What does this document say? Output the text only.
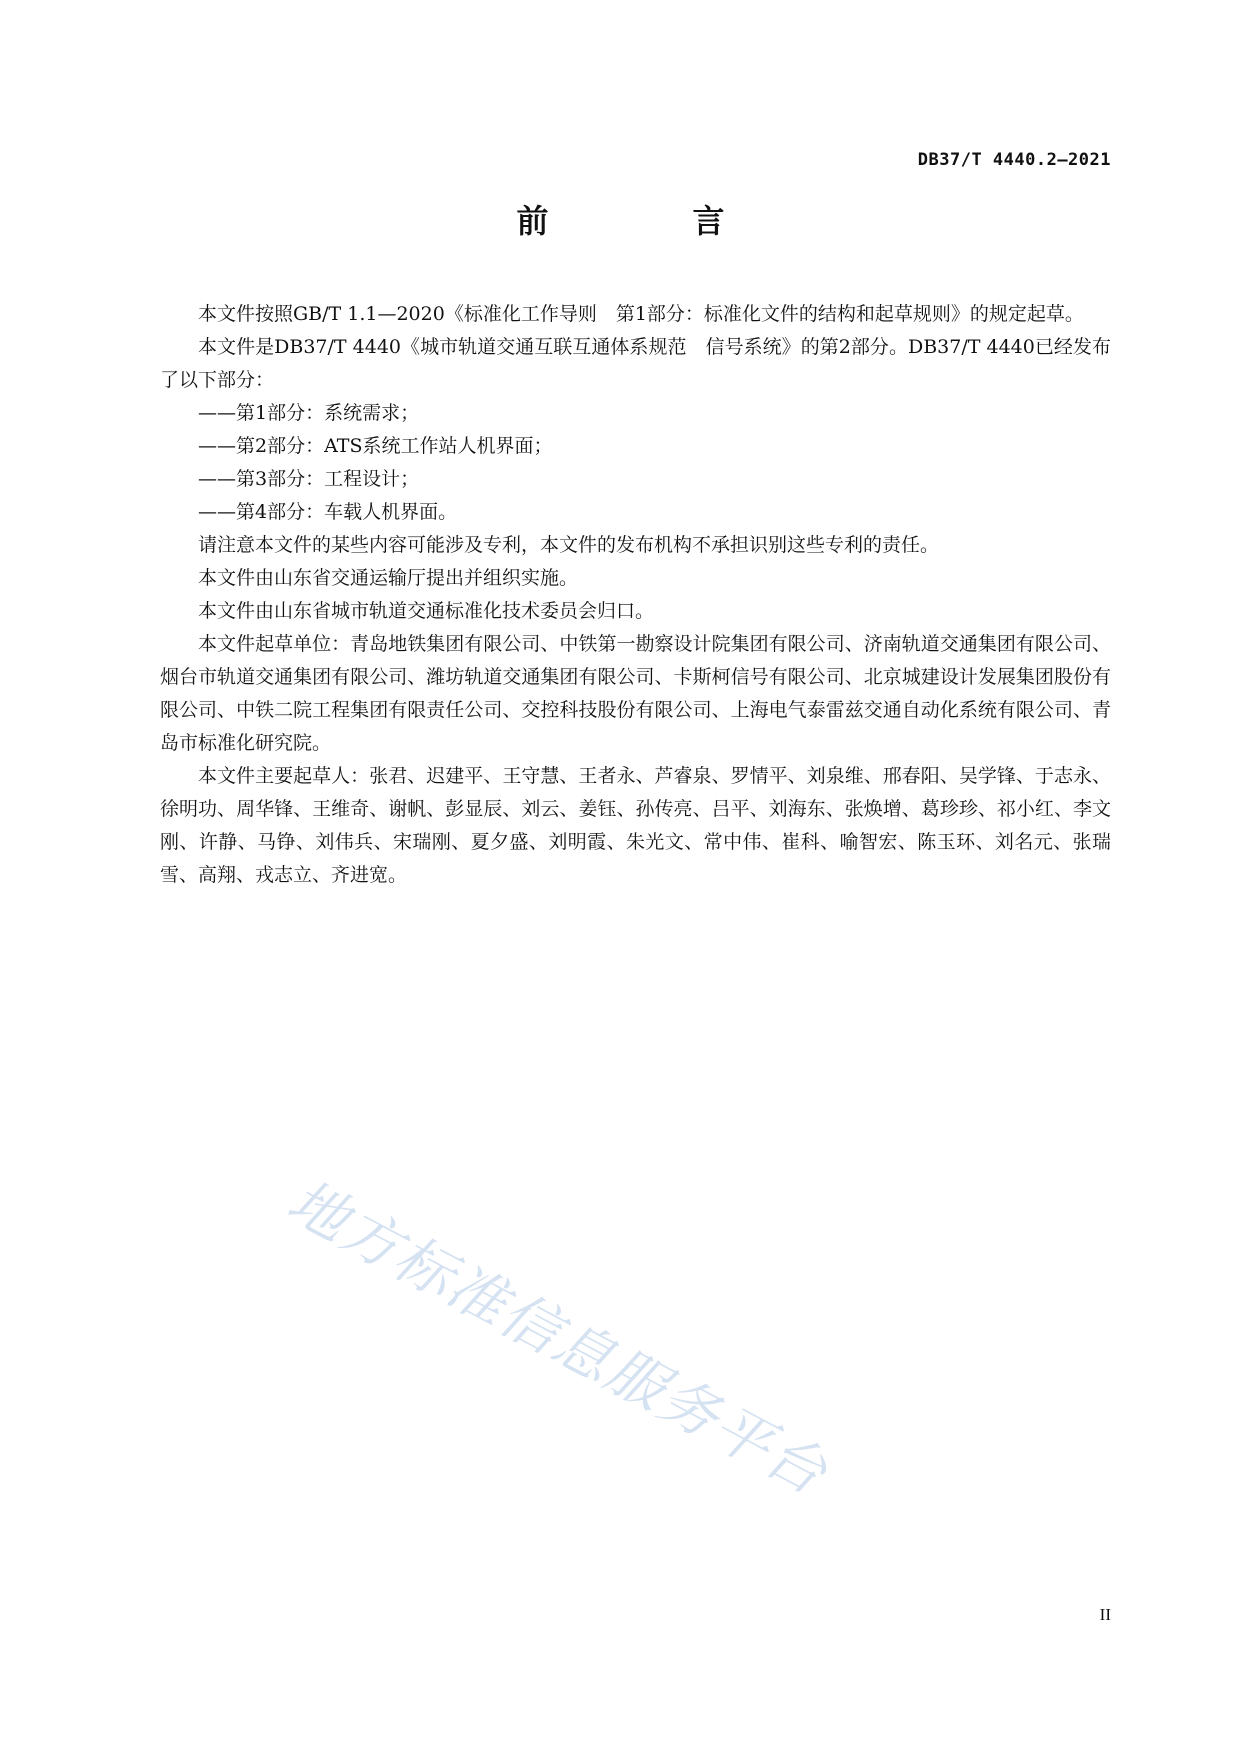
DB37/T 4440.2—2021
前　言

本文件按照GB/T 1.1—2020《标准化工作导则　第1部分：标准化文件的结构和起草规则》的规定起草。

本文件是DB37/T 4440《城市轨道交通互联互通体系规范　信号系统》的第2部分。DB37/T 4440已经发布了以下部分：

——第1部分：系统需求；

——第2部分：ATS系统工作站人机界面；

——第3部分：工程设计；

——第4部分：车载人机界面。

请注意本文件的某些内容可能涉及专利，本文件的发布机构不承担识别这些专利的责任。

本文件由山东省交通运输厅提出并组织实施。

本文件由山东省城市轨道交通标准化技术委员会归口。

本文件起草单位：青岛地铁集团有限公司、中铁第一勘察设计院集团有限公司、济南轨道交通集团有限公司、烟台市轨道交通集团有限公司、潍坊轨道交通集团有限公司、卡斯柯信号有限公司、北京城建设计发展集团股份有限公司、中铁二院工程集团有限责任公司、交控科技股份有限公司、上海电气泰雷兹交通自动化系统有限公司、青岛市标准化研究院。

本文件主要起草人：张君、迟建平、王守慧、王者永、芦睿泉、罗情平、刘泉维、邢春阳、吴学锋、于志永、徐明功、周华锋、王维奇、谢帆、彭显辰、刘云、姜钰、孙传亮、吕平、刘海东、张焕增、葛珍珍、祁小红、李文刚、许静、马铮、刘伟兵、宋瑞刚、夏夕盛、刘明霞、朱光文、常中伟、崔科、喻智宏、陈玉环、刘名元、张瑞雪、高翔、戎志立、齐进宽。

地方标准信息服务平台
II
